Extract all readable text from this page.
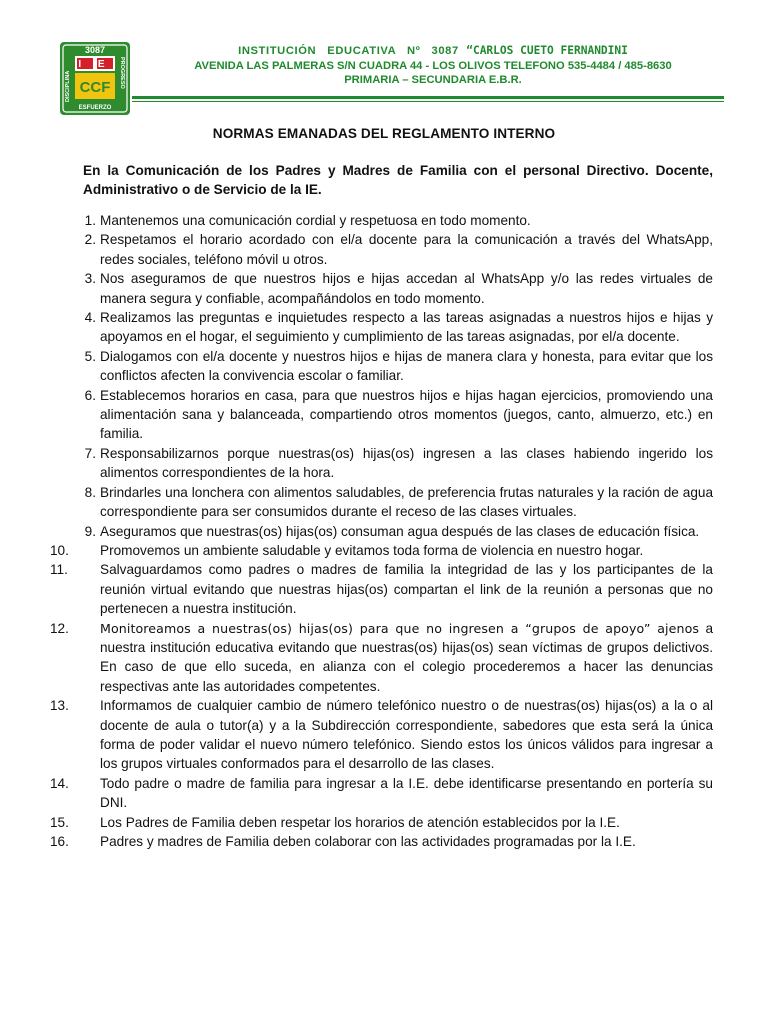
3087
I E
CCF
DISCIPLINA	PROGRESO
ESFUERZO
INSTITUCIÓN   EDUCATIVA   Nº   3087  “CARLOS CUETO FERNANDINI
AVENIDA LAS PALMERAS S/N CUADRA 44 - LOS OLIVOS TELEFONO 535-4484 / 485-8630
PRIMARIA – SECUNDARIA E.B.R.
NORMAS EMANADAS DEL REGLAMENTO INTERNO
En la Comunicación de los Padres y Madres de Familia con el personal Directivo. Docente, Administrativo o de Servicio de la IE.
1. Mantenemos una comunicación cordial y respetuosa en todo momento.
2. Respetamos el horario acordado con el/a docente para la comunicación a través del WhatsApp, redes sociales, teléfono móvil u otros.
3. Nos aseguramos de que nuestros hijos e hijas accedan al WhatsApp y/o las redes virtuales de manera segura y confiable, acompañándolos en todo momento.
4. Realizamos las preguntas e inquietudes respecto a las tareas asignadas a nuestros hijos e hijas y apoyamos en el hogar, el seguimiento y cumplimiento de las tareas asignadas, por el/a docente.
5. Dialogamos con el/a docente y nuestros hijos e hijas de manera clara y honesta, para evitar que los conflictos afecten la convivencia escolar o familiar.
6. Establecemos horarios en casa, para que nuestros hijos e hijas hagan ejercicios, promoviendo una alimentación sana y balanceada, compartiendo otros momentos (juegos, canto, almuerzo, etc.) en familia.
7. Responsabilizarnos porque nuestras(os) hijas(os) ingresen a las clases habiendo ingerido los alimentos correspondientes de la hora.
8. Brindarles una lonchera con alimentos saludables, de preferencia frutas naturales y la ración de agua correspondiente para ser consumidos durante el receso de las clases virtuales.
9. Aseguramos que nuestras(os) hijas(os) consuman agua después de las clases de educación física.
10.	Promovemos un ambiente saludable y evitamos toda forma de violencia en nuestro hogar.
11.	Salvaguardamos como padres o madres de familia la integridad de las y los participantes de la reunión virtual evitando que nuestras hijas(os) compartan el link de la reunión a personas que no pertenecen a nuestra institución.
12.	Monitoreamos a nuestras(os) hijas(os) para que no ingresen a “grupos de apoyo” ajenos a nuestra institución educativa evitando que nuestras(os) hijas(os) sean víctimas de grupos delictivos. En caso de que ello suceda, en alianza con el colegio procederemos a hacer las denuncias respectivas ante las autoridades competentes.
13.	Informamos de cualquier cambio de número telefónico nuestro o de nuestras(os) hijas(os) a la o al docente de aula o tutor(a) y a la Subdirección correspondiente, sabedores que esta será la única forma de poder validar el nuevo número telefónico. Siendo estos los únicos válidos para ingresar a los grupos virtuales conformados para el desarrollo de las clases.
14.	Todo padre o madre de familia para ingresar a la I.E. debe identificarse presentando en portería su DNI.
15.	Los Padres de Familia deben respetar los horarios de atención establecidos por la I.E.
16.	Padres y madres de Familia deben colaborar con las actividades programadas por la I.E.
